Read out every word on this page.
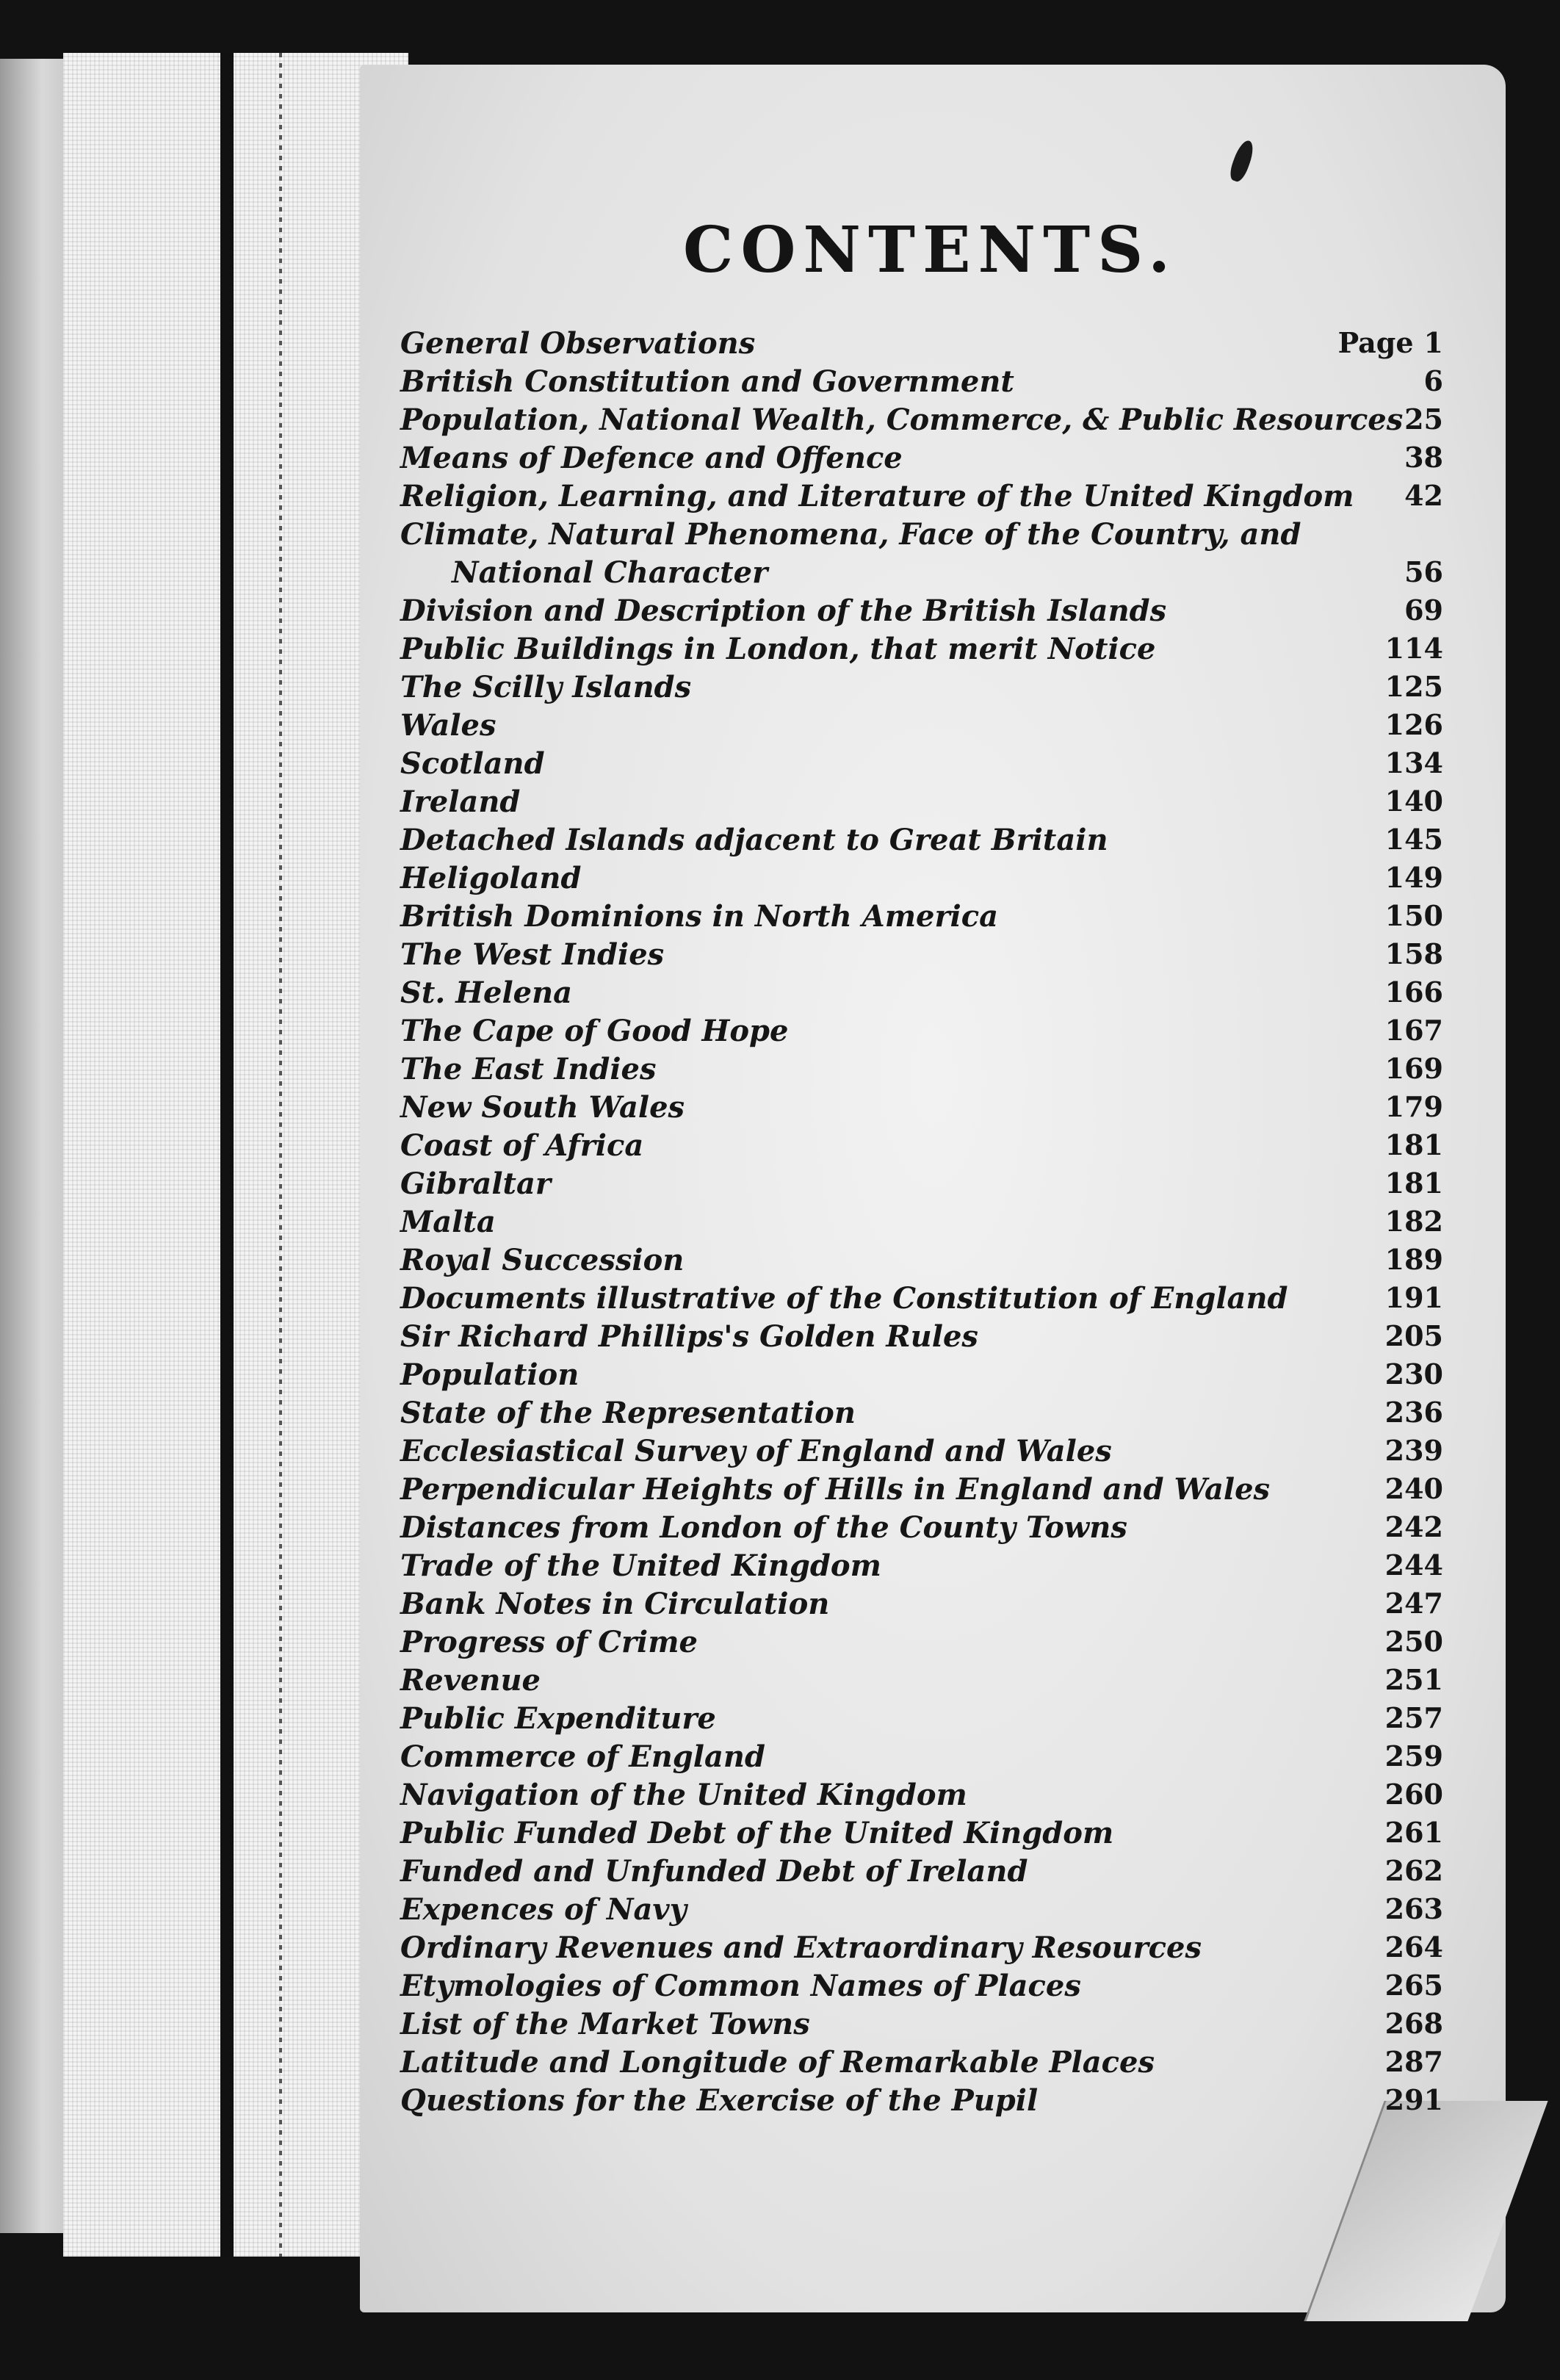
CONTENTS.
General Observations	Page 1
British Constitution and Government	6
Population, National Wealth, Commerce, & Public Resources 25
Means of Defence and Offence	38
Religion, Learning, and Literature of the United Kingdom 42
Climate, Natural Phenomena, Face of the Country, and
National Character	56
Division and Description of the British Islands	69
Public Buildings in London, that merit Notice	114
The Scilly Islands	125
Wales	126
Scotland	134
Ireland	140
Detached Islands adjacent to Great Britain	145
Heligoland	149
British Dominions in North America	150
The West Indies	158
St. Helena	166
The Cape of Good Hope	167
The East Indies	169
New South Wales	179
Coast of Africa	181
Gibraltar	181
Malta	182
Royal Succession	189
Documents illustrative of the Constitution of England	191
Sir Richard Phillips's Golden Rules	205
Population	230
State of the Representation	236
Ecclesiastical Survey of England and Wales	239
Perpendicular Heights of Hills in England and Wales	240
Distances from London of the County Towns	242
Trade of the United Kingdom	244
Bank Notes in Circulation	247
Progress of Crime	250
Revenue	251
Public Expenditure	257
Commerce of England	259
Navigation of the United Kingdom	260
Public Funded Debt of the United Kingdom	261
Funded and Unfunded Debt of Ireland	262
Expences of Navy	263
Ordinary Revenues and Extraordinary Resources	264
Etymologies of Common Names of Places	265
List of the Market Towns	268
Latitude and Longitude of Remarkable Places	287
Questions for the Exercise of the Pupil	291
